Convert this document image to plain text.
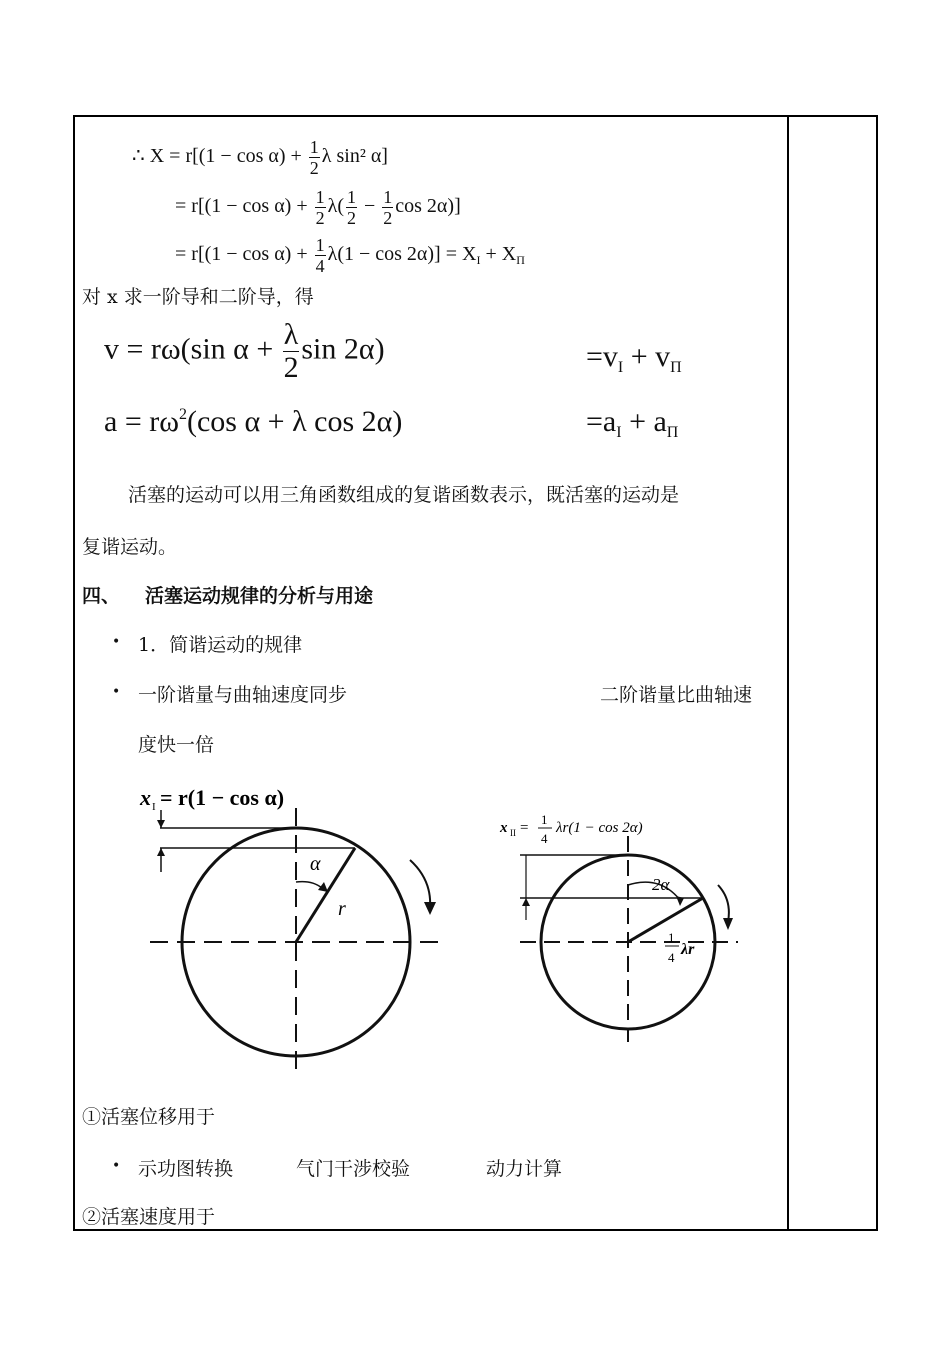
∴ $X = r[(1 - \cos \alpha) + \frac{1}{2}$ λ sin² α]
= $r[(1 - \cos \alpha) + \frac{1}{2} \lambda( \frac{1}{2} - \frac{1}{2}$ cos 2α)]
= $r[(1 - \cos \alpha) + \frac{1}{4} \lambda(1 - \cos 2\alpha)] = X_I + X_\Pi$
对 x 求一阶导和二阶导，得
v = rω(sin $\alpha + \frac{\lambda}{2}$ sin 2α)	$=v_I + v_\Pi$
$a = r\omega^2(\cos$ α + λ cos 2α)	$=a_I + a_\Pi$
活塞的运动可以用三角函数组成的复谐函数表示，既活塞的运动是
复谐运动。
四、 活塞运动规律的分析与用途
• 1．简谐运动的规律
• 一阶谐量与曲轴速度同步	二阶谐量比曲轴速
度快一倍
x I = r(1 − cos α)
α
r
x II =
1
4
λr(1 − cos 2α)
2α
1
4 λr
①活塞位移用于
• 示功图转换	气门干涉校验	动力计算
②活塞速度用于
